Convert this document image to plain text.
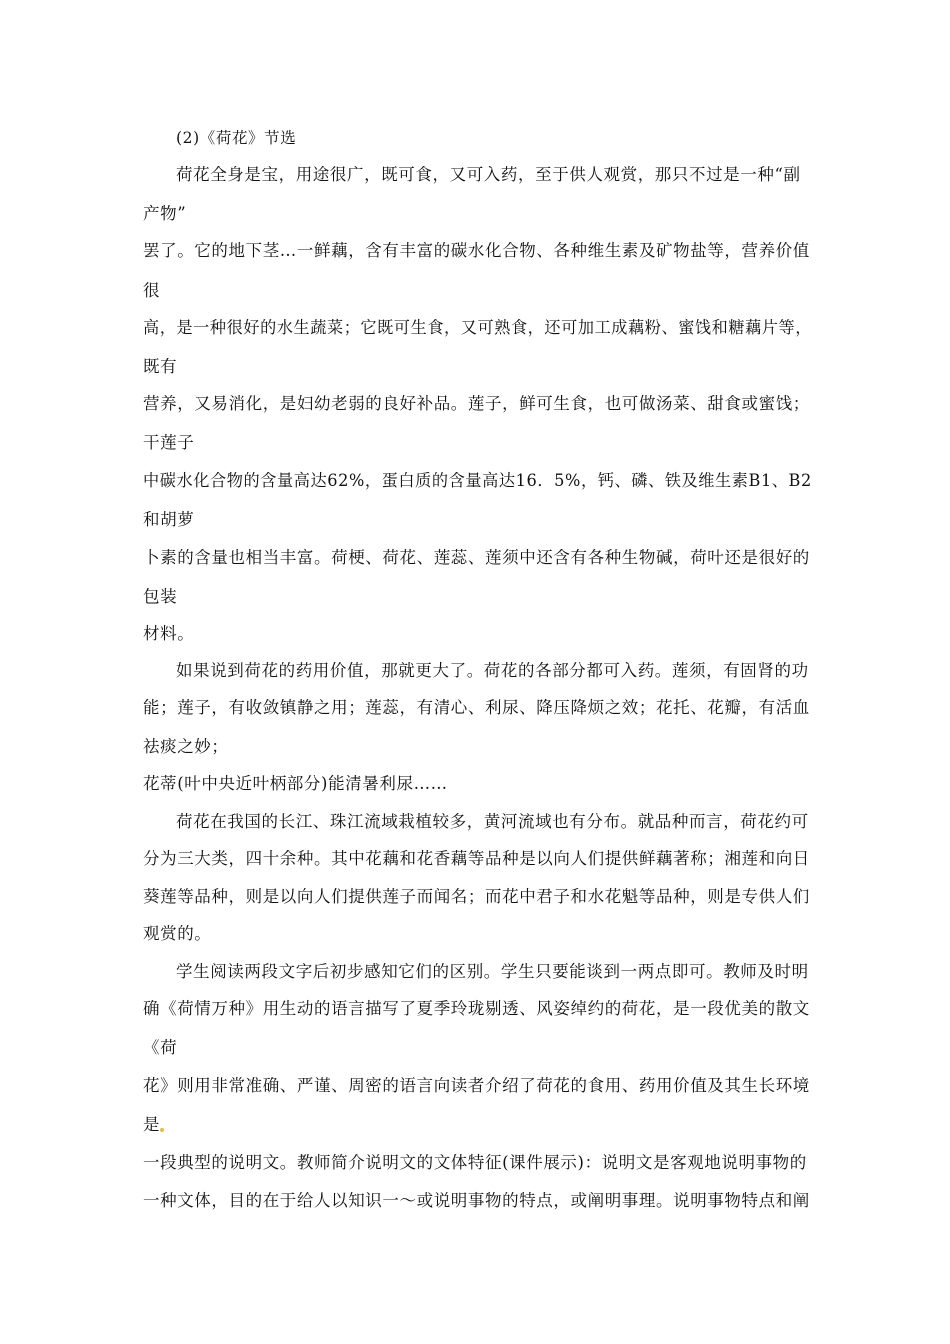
(2)《荷花》节选
荷花全身是宝，用途很广，既可食，又可入药，至于供人观赏，那只不过是一种“副
产物”
罢了。它的地下茎…一鲜藕，含有丰富的碳水化合物、各种维生素及矿物盐等，营养价值
很
高，是一种很好的水生蔬菜；它既可生食，又可熟食，还可加工成藕粉、蜜饯和糖藕片等，
既有
营养，又易消化，是妇幼老弱的良好补品。莲子，鲜可生食，也可做汤菜、甜食或蜜饯；
干莲子
中碳水化合物的含量高达62%，蛋白质的含量高达16．5%，钙、磷、铁及维生素B1、B2
和胡萝
卜素的含量也相当丰富。荷梗、荷花、莲蕊、莲须中还含有各种生物碱，荷叶还是很好的
包装
材料。
如果说到荷花的药用价值，那就更大了。荷花的各部分都可入药。莲须，有固肾的功
能；莲子，有收敛镇静之用；莲蕊，有清心、利尿、降压降烦之效；花托、花瓣，有活血
祛痰之妙；
花蒂(叶中央近叶柄部分)能清暑利尿……
荷花在我国的长江、珠江流域栽植较多，黄河流域也有分布。就品种而言，荷花约可
分为三大类，四十余种。其中花藕和花香藕等品种是以向人们提供鲜藕著称；湘莲和向日
葵莲等品种，则是以向人们提供莲子而闻名；而花中君子和水花魁等品种，则是专供人们
观赏的。
学生阅读两段文字后初步感知它们的区别。学生只要能谈到一两点即可。教师及时明
确《荷情万种》用生动的语言描写了夏季玲珑剔透、风姿绰约的荷花，是一段优美的散文
《荷
花》则用非常准确、严谨、周密的语言向读者介绍了荷花的食用、药用价值及其生长环境
是
一段典型的说明文。教师简介说明文的文体特征(课件展示)：说明文是客观地说明事物的
一种文体，目的在于给人以知识一～或说明事物的特点，或阐明事理。说明事物特点和阐
